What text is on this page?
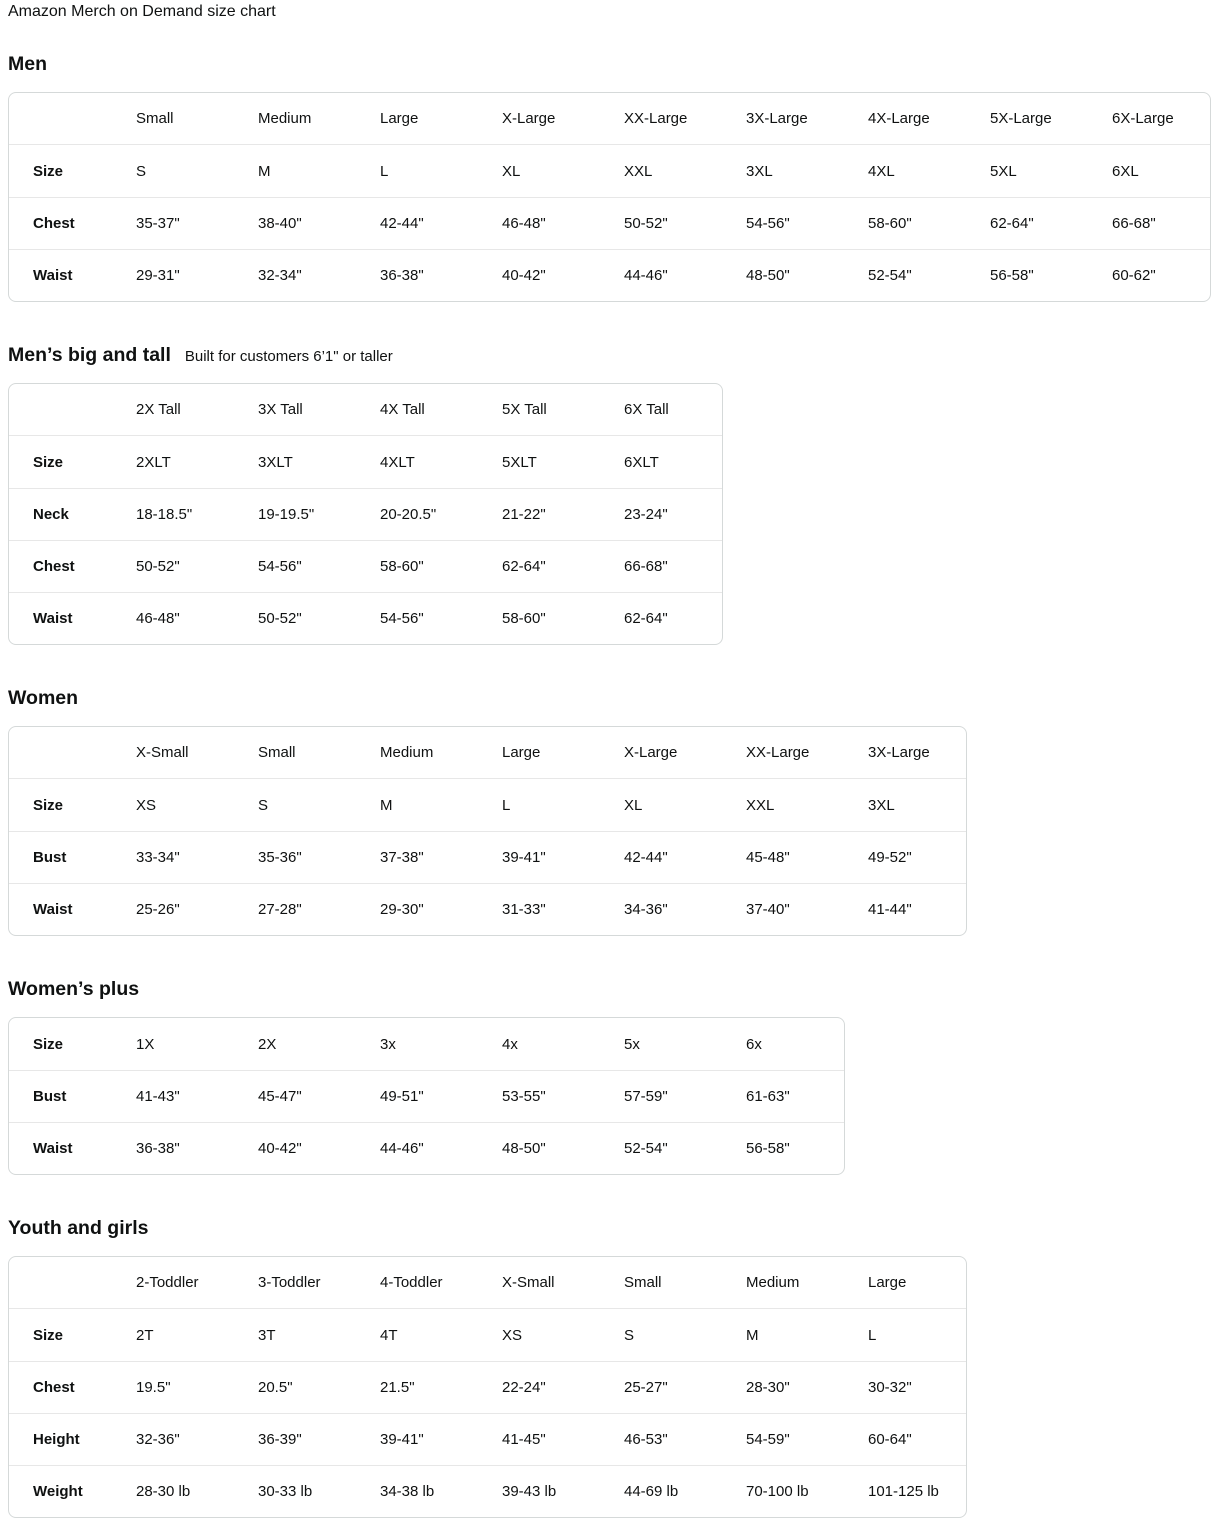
Amazon Merch on Demand size chart
Men
	Small	Medium	Large	X-Large	XX-Large	3X-Large	4X-Large	5X-Large	6X-Large
Size	S	M	L	XL	XXL	3XL	4XL	5XL	6XL
Chest	35-37"	38-40"	42-44"	46-48"	50-52"	54-56"	58-60"	62-64"	66-68"
Waist	29-31"	32-34"	36-38"	40-42"	44-46"	48-50"	52-54"	56-58"	60-62"
Men’s big and tall Built for customers 6’1" or taller
	2X Tall	3X Tall	4X Tall	5X Tall	6X Tall
Size	2XLT	3XLT	4XLT	5XLT	6XLT
Neck	18-18.5"	19-19.5"	20-20.5"	21-22"	23-24"
Chest	50-52"	54-56"	58-60"	62-64"	66-68"
Waist	46-48"	50-52"	54-56"	58-60"	62-64"
Women
	X-Small	Small	Medium	Large	X-Large	XX-Large	3X-Large
Size	XS	S	M	L	XL	XXL	3XL
Bust	33-34"	35-36"	37-38"	39-41"	42-44"	45-48"	49-52"
Waist	25-26"	27-28"	29-30"	31-33"	34-36"	37-40"	41-44"
Women’s plus
Size	1X	2X	3x	4x	5x	6x
Bust	41-43"	45-47"	49-51"	53-55"	57-59"	61-63"
Waist	36-38"	40-42"	44-46"	48-50"	52-54"	56-58"
Youth and girls
	2-Toddler	3-Toddler	4-Toddler	X-Small	Small	Medium	Large
Size	2T	3T	4T	XS	S	M	L
Chest	19.5"	20.5"	21.5"	22-24"	25-27"	28-30"	30-32"
Height	32-36"	36-39"	39-41"	41-45"	46-53"	54-59"	60-64"
Weight	28-30 lb	30-33 lb	34-38 lb	39-43 lb	44-69 lb	70-100 lb	101-125 lb
